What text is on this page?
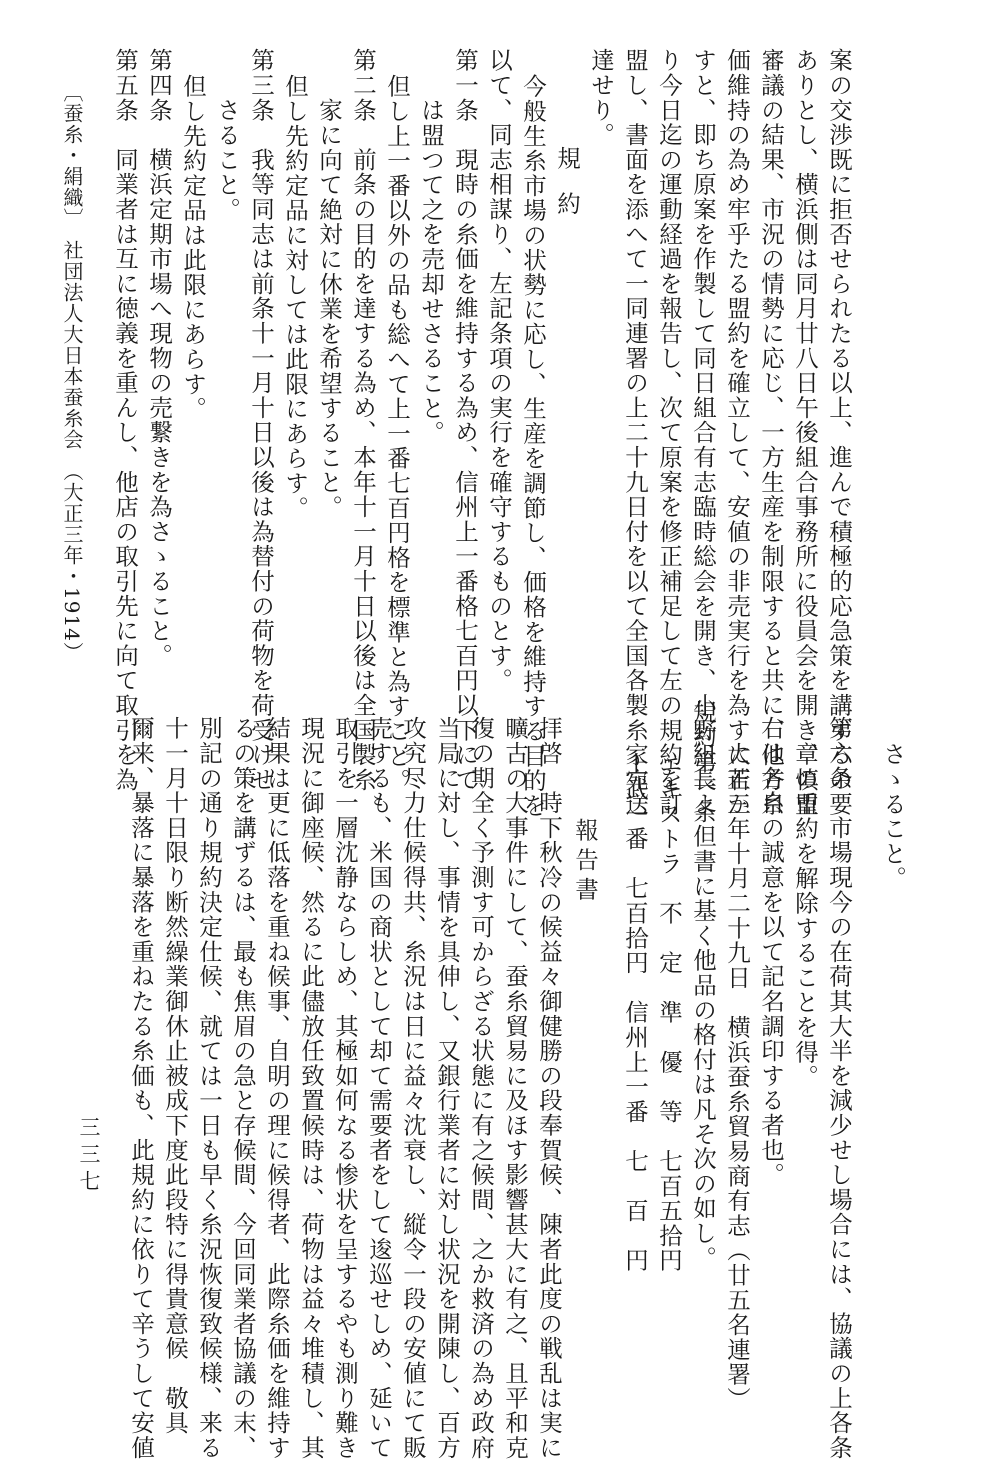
案の交渉既に拒否せられたる以上、進んで積極的応急策を講ずるの要
ありとし、横浜側は同月廿八日午後組合事務所に役員会を開き、慎重
審議の結果、市況の情勢に応じ、一方生産を制限すると共に、他方糸
価維持の為め牢乎たる盟約を確立して、安値の非売実行を為すに若か
すと、即ち原案を作製して同日組合有志臨時総会を開き、小野組長よ
り今日迄の運動経過を報告し、次て原案を修正補足して左の規約を訂
盟し、書面を添へて一同連署の上二十九日付を以て全国各製糸家宛送
達せり。
規約
今般生糸市場の状勢に応し、生産を調節し、価格を維持する目的を
以て、同志相謀り、左記条項の実行を確守するものとす。
第一条　現時の糸価を維持する為め、信州上一番格七百円以下にて
は盟つて之を売却せさること。
但し上一番以外の品も総へて上一番七百円格を標準と為すこと。
第二条　前条の目的を達する為め、本年十一月十日以後は全国製糸
家に向て絶対に休業を希望すること。
但し先約定品に対しては此限にあらす。
第三条　我等同志は前条十一月十日以後は為替付の荷物を荷受けせ
さること。
但し先約定品は此限にあらす。
第四条　横浜定期市場へ現物の売繋きを為さゝること。
第五条　同業者は互に徳義を重んし、他店の取引先に向て取引を為
〔蚕糸・絹織〕　社団法人大日本蚕糸会　（大正三年・1914）
さゝること。
第六条　市場現今の在荷其大半を減少せし場合には、協議の上各条
章の盟約を解除することを得。
右は各自の誠意を以て記名調印する者也。
大正三年十月二十九日　横浜蚕糸貿易商有志（廿五名連署）
規約第一条但書に基く他品の格付は凡そ次の如し。
エキストラ　不　定　準　優　等　七百五拾円
上武一番　七百拾円　信州上一番　七　百　円
報告書
拝啓　時下秋冷の候益々御健勝の段奉賀候、陳者此度の戦乱は実に
曠古の大事件にして、蚕糸貿易に及ほす影響甚大に有之、且平和克
復の期全く予測す可からざる状態に有之候間、之か救済の為め政府
当局に対し、事情を具伸し、又銀行業者に対し状況を開陳し、百方
攻究尽力仕候得共、糸況は日に益々沈衰し、縦令一段の安値にて販
売するも、米国の商状として却て需要者をして逡巡せしめ、延いて
取引を一層沈静ならしめ、其極如何なる惨状を呈するやも測り難き
現況に御座候、然るに此儘放任致置候時は、荷物は益々堆積し、其
結果は更に低落を重ね候事、自明の理に候得者、此際糸価を維持す
るの策を講ずるは、最も焦眉の急と存候間、今回同業者協議の末、
別記の通り規約決定仕候、就ては一日も早く糸況恢復致候様、来る
十一月十日限り断然繰業御休止被成下度此段特に得貴意候　敬具
爾来、暴落に暴落を重ねたる糸価も、此規約に依りて辛うして安値
三三七
